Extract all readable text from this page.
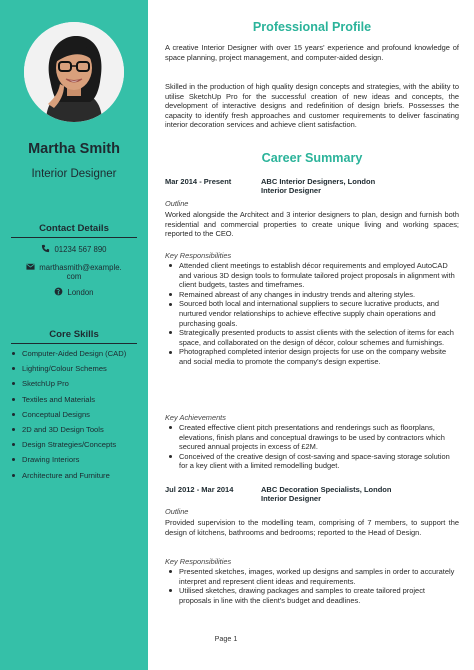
Martha Smith
Interior Designer
Contact Details
01234 567 890
marthasmith@example.
com
London
Core Skills
Computer-Aided Design (CAD)
Lighting/Colour Schemes
SketchUp Pro
Textiles and Materials
Conceptual Designs
2D and 3D Design Tools
Design Strategies/Concepts
Drawing Interiors
Architecture and Furniture
Professional Profile
A creative Interior Designer with over 15 years' experience and profound knowledge of space planning, project management, and computer-aided design.
Skilled in the production of high quality design concepts and strategies, with the ability to utilise SketchUp Pro for the successful creation of new ideas and concepts, the development of interactive designs and redefinition of design briefs. Possesses the capacity to identify fresh approaches and customer requirements to deliver fascinating interior decoration services and achieve client satisfaction.
Career Summary
Mar 2014 - Present	ABC Interior Designers, London
Interior Designer
Outline
Worked alongside the Architect and 3 interior designers to plan, design and furnish both residential and commercial properties to create unique living and working spaces; reported to the CEO.
Key Responsibilities
Attended client meetings to establish décor requirements and employed AutoCAD and various 3D design tools to formulate tailored project proposals in alignment with client budgets, tastes and timeframes.
Remained abreast of any changes in industry trends and altering styles.
Sourced both local and international suppliers to secure lucrative products, and nurtured vendor relationships to achieve effective supply chain operations and purchasing goals.
Strategically presented products to assist clients with the selection of items for each space, and collaborated on the design of décor, colour schemes and furnishings.
Photographed completed interior design projects for use on the company website and social media to promote the company's design expertise.
Key Achievements
Created effective client pitch presentations and renderings such as floorplans, elevations, finish plans and conceptual drawings to be used by contractors which secured annual projects in excess of £2M.
Conceived of the creative design of cost-saving and space-saving storage solution for a key client with a limited remodelling budget.
Jul 2012 - Mar 2014	ABC Decoration Specialists, London
Interior Designer
Outline
Provided supervision to the modelling team, comprising of 7 members, to support the design of kitchens, bathrooms and bedrooms; reported to the Head of Design.
Key Responsibilities
Presented sketches, images, worked up designs and samples in order to accurately interpret and represent client ideas and requirements.
Utilised sketches, drawing packages and samples to create tailored project proposals in line with the client's budget and deadlines.
Page 1
